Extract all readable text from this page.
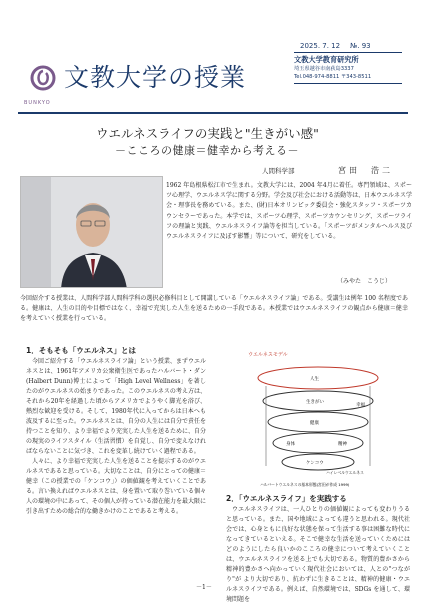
BUNKYO
文教大学の授業
2025. 7. 12 №. 93
文教大学教育研究所
埼玉県越谷市南荻島3337
Tel.048-974-8811 〒343-8511
ウエルネスライフの実践と"生きがい感"
－こころの健康＝健幸から考える－
人間科学部	宮田　浩二
1962 年島根県松江市で生まれ。文教大学には、2004 年4月に着任。専門領域は、スポーツ心理学、ウエルネス学に関する分野。学会及び社会における活動等は、日本ウエルネス学会・理事長を務めている。また、(財)日本オリンピック委員会・強化スタッフ・スポーツカウンセラーであった。本学では、スポーツ心理学、スポーツカウンセリング、スポーツライフの理論と実践、ウエルネスライフ論等を担当している。「スポーツがメンタルヘルス及びウエルネスライフに及ぼす影響」等について、研究をしている。
（みやた　こうじ）
今回紹介する授業は、人間科学部人間科学科の選択必修科目として開講している「ウエルネスライフ論」である。受講生は例年 100 名程度である。健康は、人生の目的や目標ではなく、幸福で充実した人生を送るための一手段である。本授業ではウエルネスライフの観点から健康＝健幸を考えていく授業を行っている。
1．そもそも「ウエルネス」とは
今回ご紹介する「ウエルネスライフ論」という授業、まずウエルネスとは、1961年アメリカ公衆衛生医であったハルバート・ダン(Halbert Dunn)博士によって「High Level Wellness」を著したのがウエルネスの始まりであった。このウエルネスの考え方は、それから20年を経過した頃からアメリカでようやく脚光を浴び、熱烈な歓迎を受ける。そして、1980年代に入ってからは日本へも波及するに至った。ウエルネスとは、自分の人生には自分で責任を持つことを知り、より幸福でより充実した人生を送るために、自分の現実のライフスタイル（生活習慣）を自覚し、自分で変えなければならないことに気づき、これを変革し続けていく過程である。
人々に、より幸福で充実した人生を送ることを提示するのがウエルネスであると思っている。大切なことは、自分にとっての健康＝健幸（この授業での「ケンコウ」）の価値観を考えていくことである。言い換えればウエルネスとは、身を置いて取り巻いている個々人の環境の中にあって、その個人が持っている潜在能力を最大限に引き出すための総合的な働きかけのことであると考える。
ウエルネスモデル
人生
生きがい
健康
身体	精神
ケンコウ
幸福
ハイレベルウエルネス
ハルバートウエルネスの基本形態(宮田が作成 1999)
2．「ウエルネスライフ」を実践する
ウエルネスライフは、一人ひとりの価値観によっても変わりうると思っている。また、国や地域によっても違うと思われる。現代社会では、心身ともに良好な状態を保って生活する事は困難な時代になってきているといえる。そこで健幸な生活を送っていくためにはどのようにしたら良いかのこころの健幸について考えていくことは、ウエルネスライフを送る上でも大切である。物質的豊かさから精神的豊かさへ向かっていく現代社会においては、人との"つながり"が より大切であり、抗わずに生きることは、精神的健康・ウエルネスライフである。例えば、自然環境では、SDGs を通して、環境問題を
－1－
